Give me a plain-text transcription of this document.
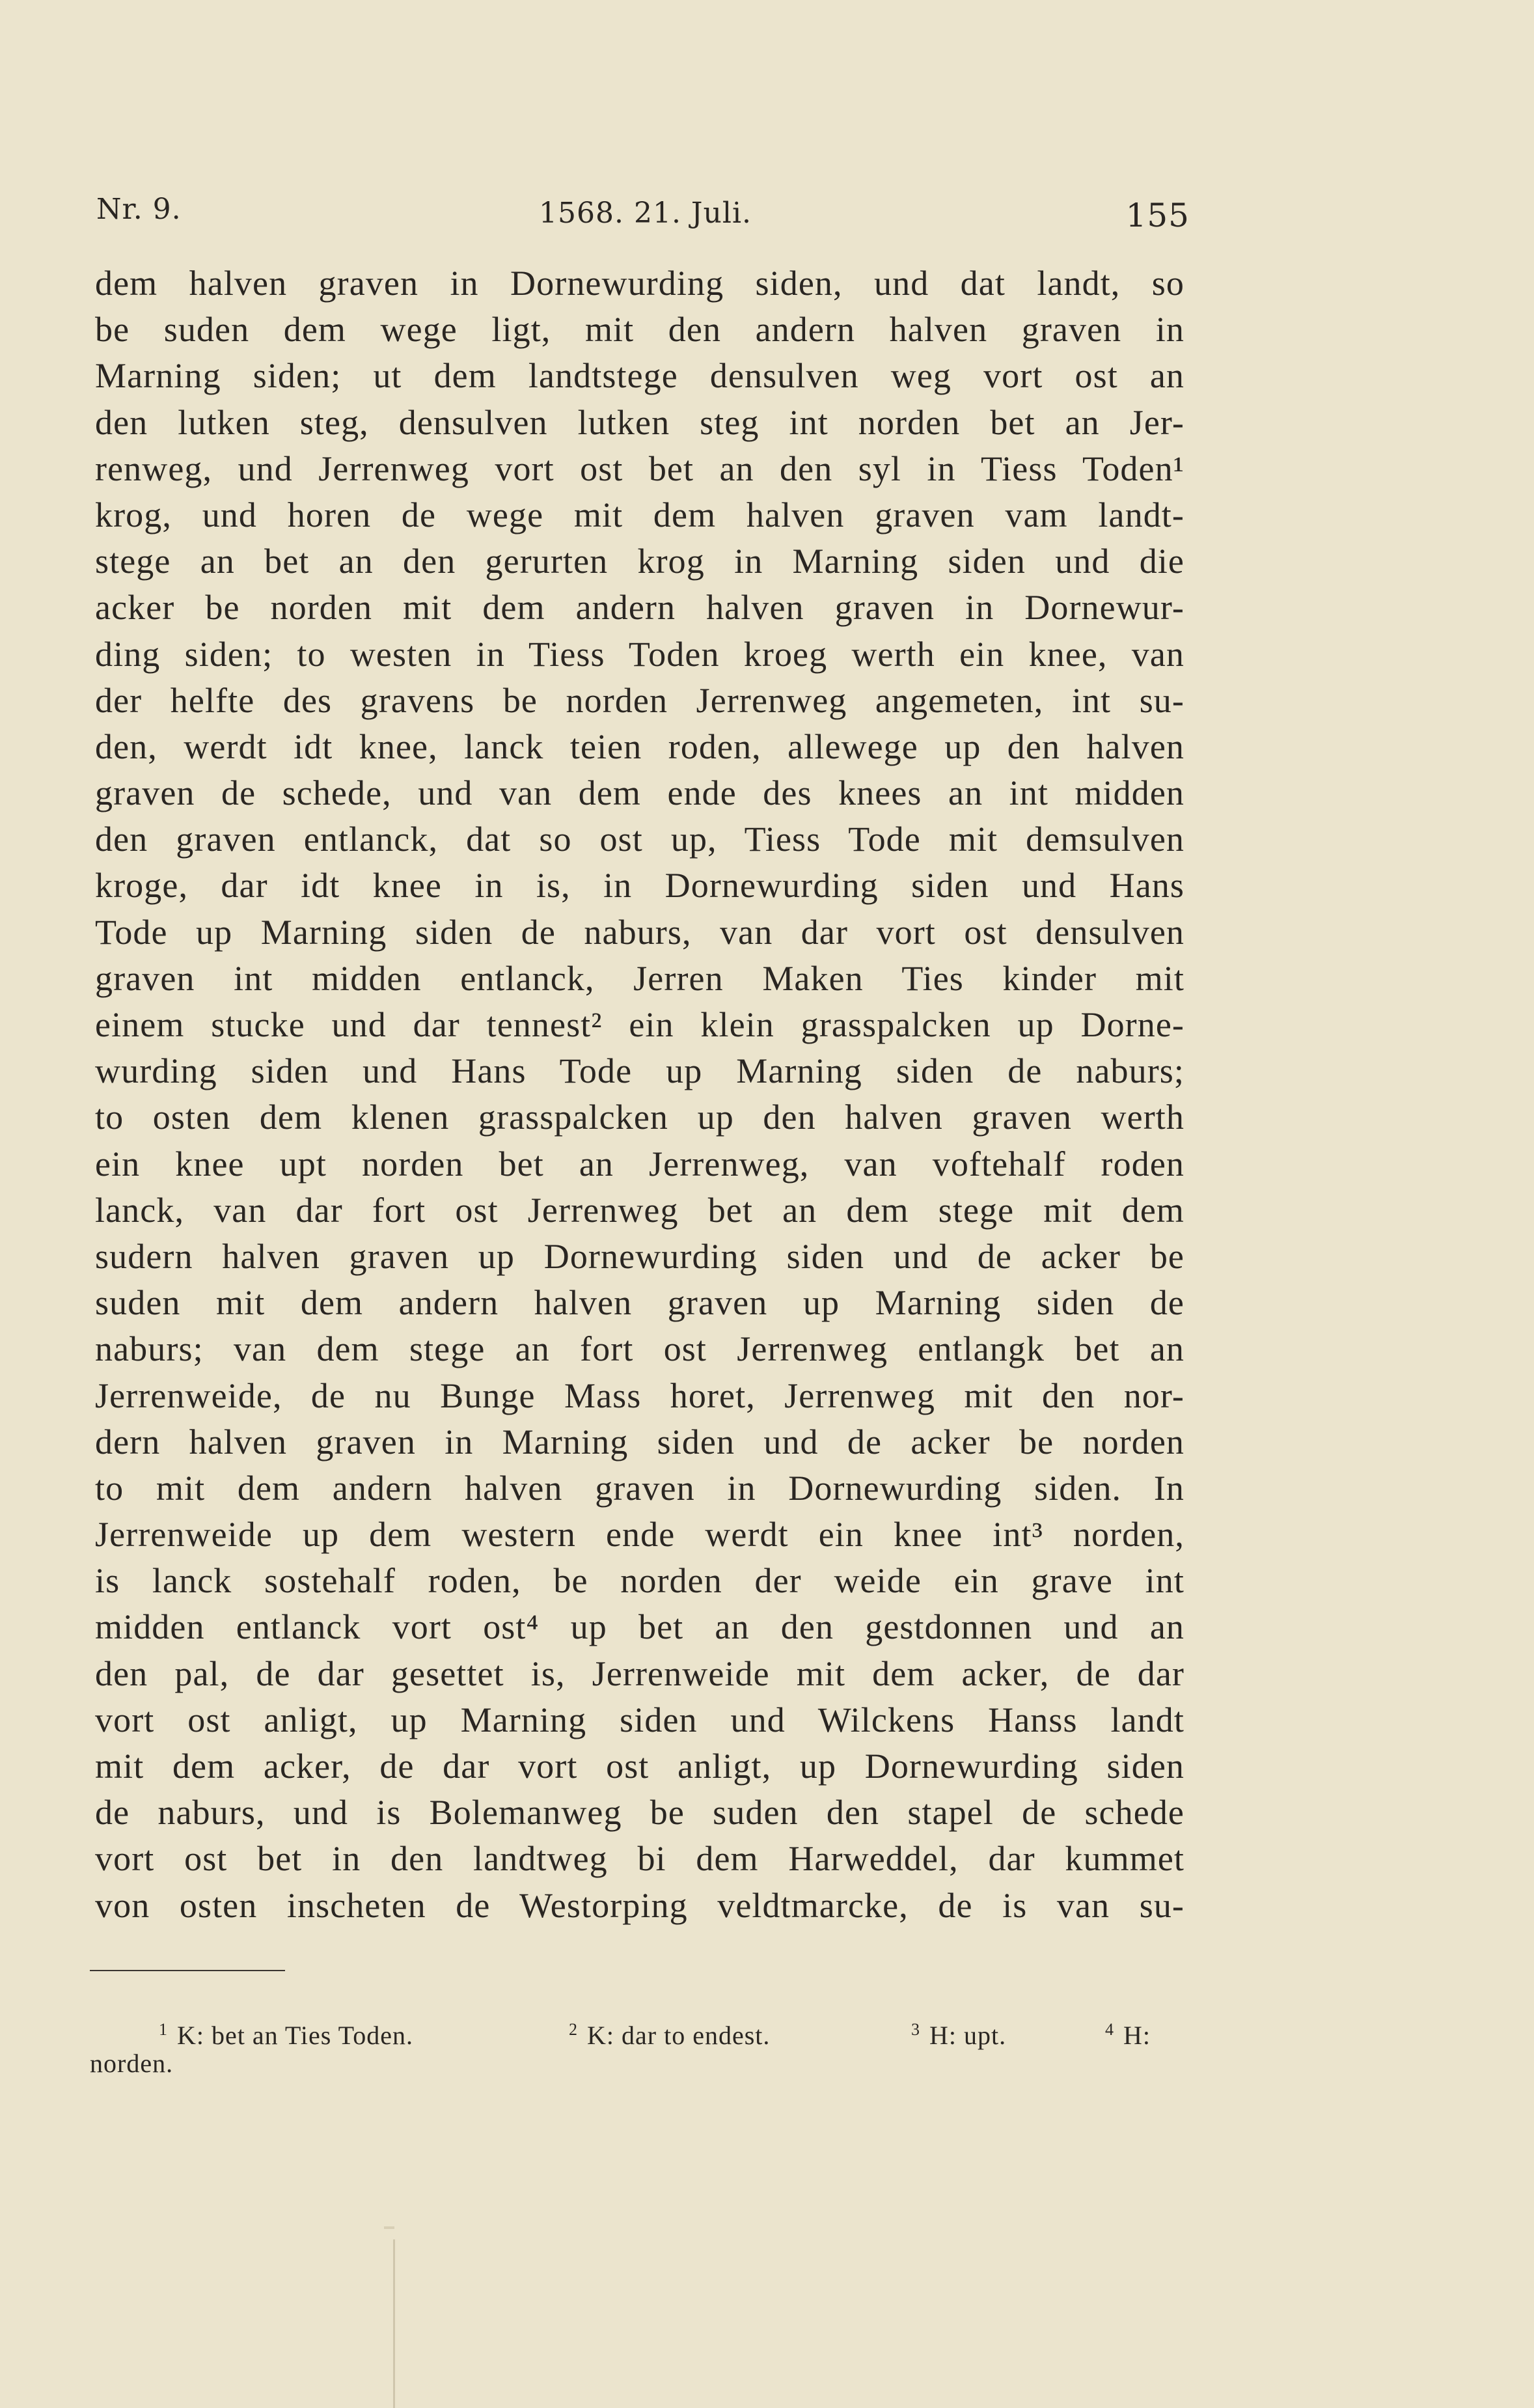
Nr. 9.	1568. 21. Juli.	155
dem halven graven in Dornewurding siden, und dat landt, so
be suden dem wege ligt, mit den andern halven graven in
Marning siden; ut dem landtstege densulven weg vort ost an
den lutken steg, densulven lutken steg int norden bet an Jer-
renweg, und Jerrenweg vort ost bet an den syl in Tiess Toden¹
krog, und horen de wege mit dem halven graven vam landt-
stege an bet an den gerurten krog in Marning siden und die
acker be norden mit dem andern halven graven in Dornewur-
ding siden; to westen in Tiess Toden kroeg werth ein knee, van
der helfte des gravens be norden Jerrenweg angemeten, int su-
den, werdt idt knee, lanck teien roden, allewege up den halven
graven de schede, und van dem ende des knees an int midden
den graven entlanck, dat so ost up, Tiess Tode mit demsulven
kroge, dar idt knee in is, in Dornewurding siden und Hans
Tode up Marning siden de naburs, van dar vort ost densulven
graven int midden entlanck, Jerren Maken Ties kinder mit
einem stucke und dar tennest² ein klein grasspalcken up Dorne-
wurding siden und Hans Tode up Marning siden de naburs;
to osten dem klenen grasspalcken up den halven graven werth
ein knee upt norden bet an Jerrenweg, van voftehalf roden
lanck, van dar fort ost Jerrenweg bet an dem stege mit dem
sudern halven graven up Dornewurding siden und de acker be
suden mit dem andern halven graven up Marning siden de
naburs; van dem stege an fort ost Jerrenweg entlangk bet an
Jerrenweide, de nu Bunge Mass horet, Jerrenweg mit den nor-
dern halven graven in Marning siden und de acker be norden
to mit dem andern halven graven in Dornewurding siden. In
Jerrenweide up dem western ende werdt ein knee int³ norden,
is lanck sostehalf roden, be norden der weide ein grave int
midden entlanck vort ost⁴ up bet an den gestdonnen und an
den pal, de dar gesettet is, Jerrenweide mit dem acker, de dar
vort ost anligt, up Marning siden und Wilckens Hanss landt
mit dem acker, de dar vort ost anligt, up Dornewurding siden
de naburs, und is Bolemanweg be suden den stapel de schede
vort ost bet in den landtweg bi dem Harweddel, dar kummet
von osten inscheten de Westorping veldtmarcke, de is van su-
$^1$ K: bet an Ties Toden.	$^2$ K: dar to endest.	$^3$ H: upt.	$^4$ H:
norden.
